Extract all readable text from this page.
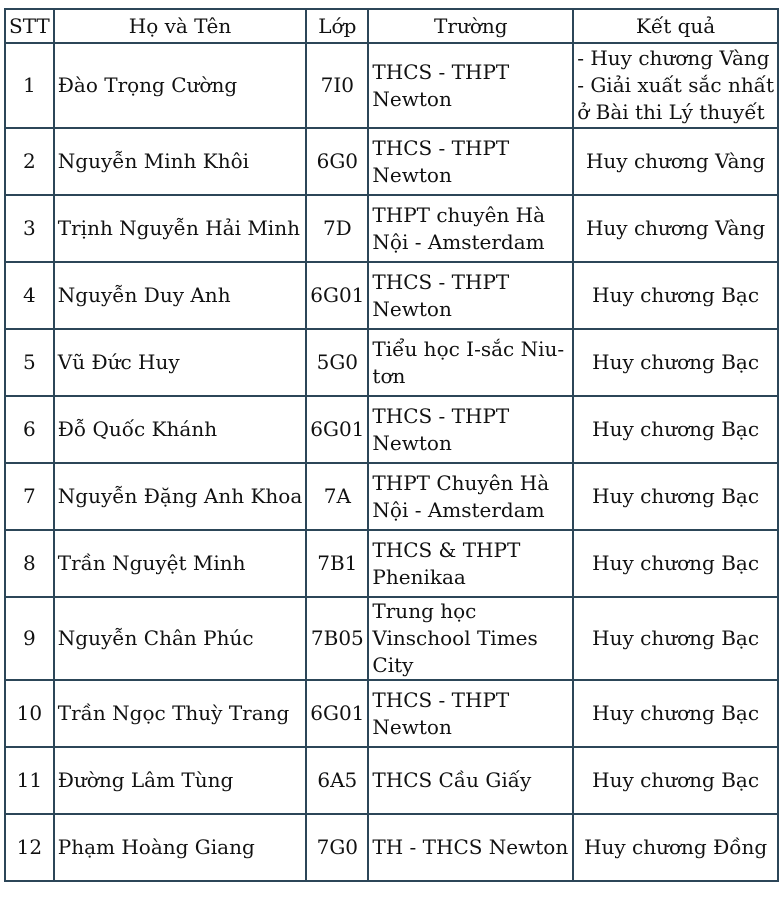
STT	Họ và Tên	Lớp	Trường	Kết quả
1	Đào Trọng Cường	7I0	THCS - THPT Newton	- Huy chương Vàng
- Giải xuất sắc nhất
ở Bài thi Lý thuyết

2	Nguyễn Minh Khôi	6G0	THCS - THPT Newton	Huy chương Vàng
3	Trịnh Nguyễn Hải Minh	7D	THPT chuyên Hà Nội - Amsterdam	Huy chương Vàng
4	Nguyễn Duy Anh	6G01	THCS - THPT Newton	Huy chương Bạc
5	Vũ Đức Huy	5G0	Tiểu học I-sắc Niu-tơn	Huy chương Bạc
6	Đỗ Quốc Khánh	6G01	THCS - THPT Newton	Huy chương Bạc
7	Nguyễn Đặng Anh Khoa	7A	THPT Chuyên Hà Nội - Amsterdam	Huy chương Bạc
8	Trần Nguyệt Minh	7B1	THCS & THPT Phenikaa	Huy chương Bạc
9	Nguyễn Chân Phúc	7B05	Trung học Vinschool Times City	Huy chương Bạc
10	Trần Ngọc Thuỳ Trang	6G01	THCS - THPT Newton	Huy chương Bạc
11	Đường Lâm Tùng	6A5	THCS Cầu Giấy	Huy chương Bạc
12	Phạm Hoàng Giang	7G0	TH - THCS Newton	Huy chương Đồng
